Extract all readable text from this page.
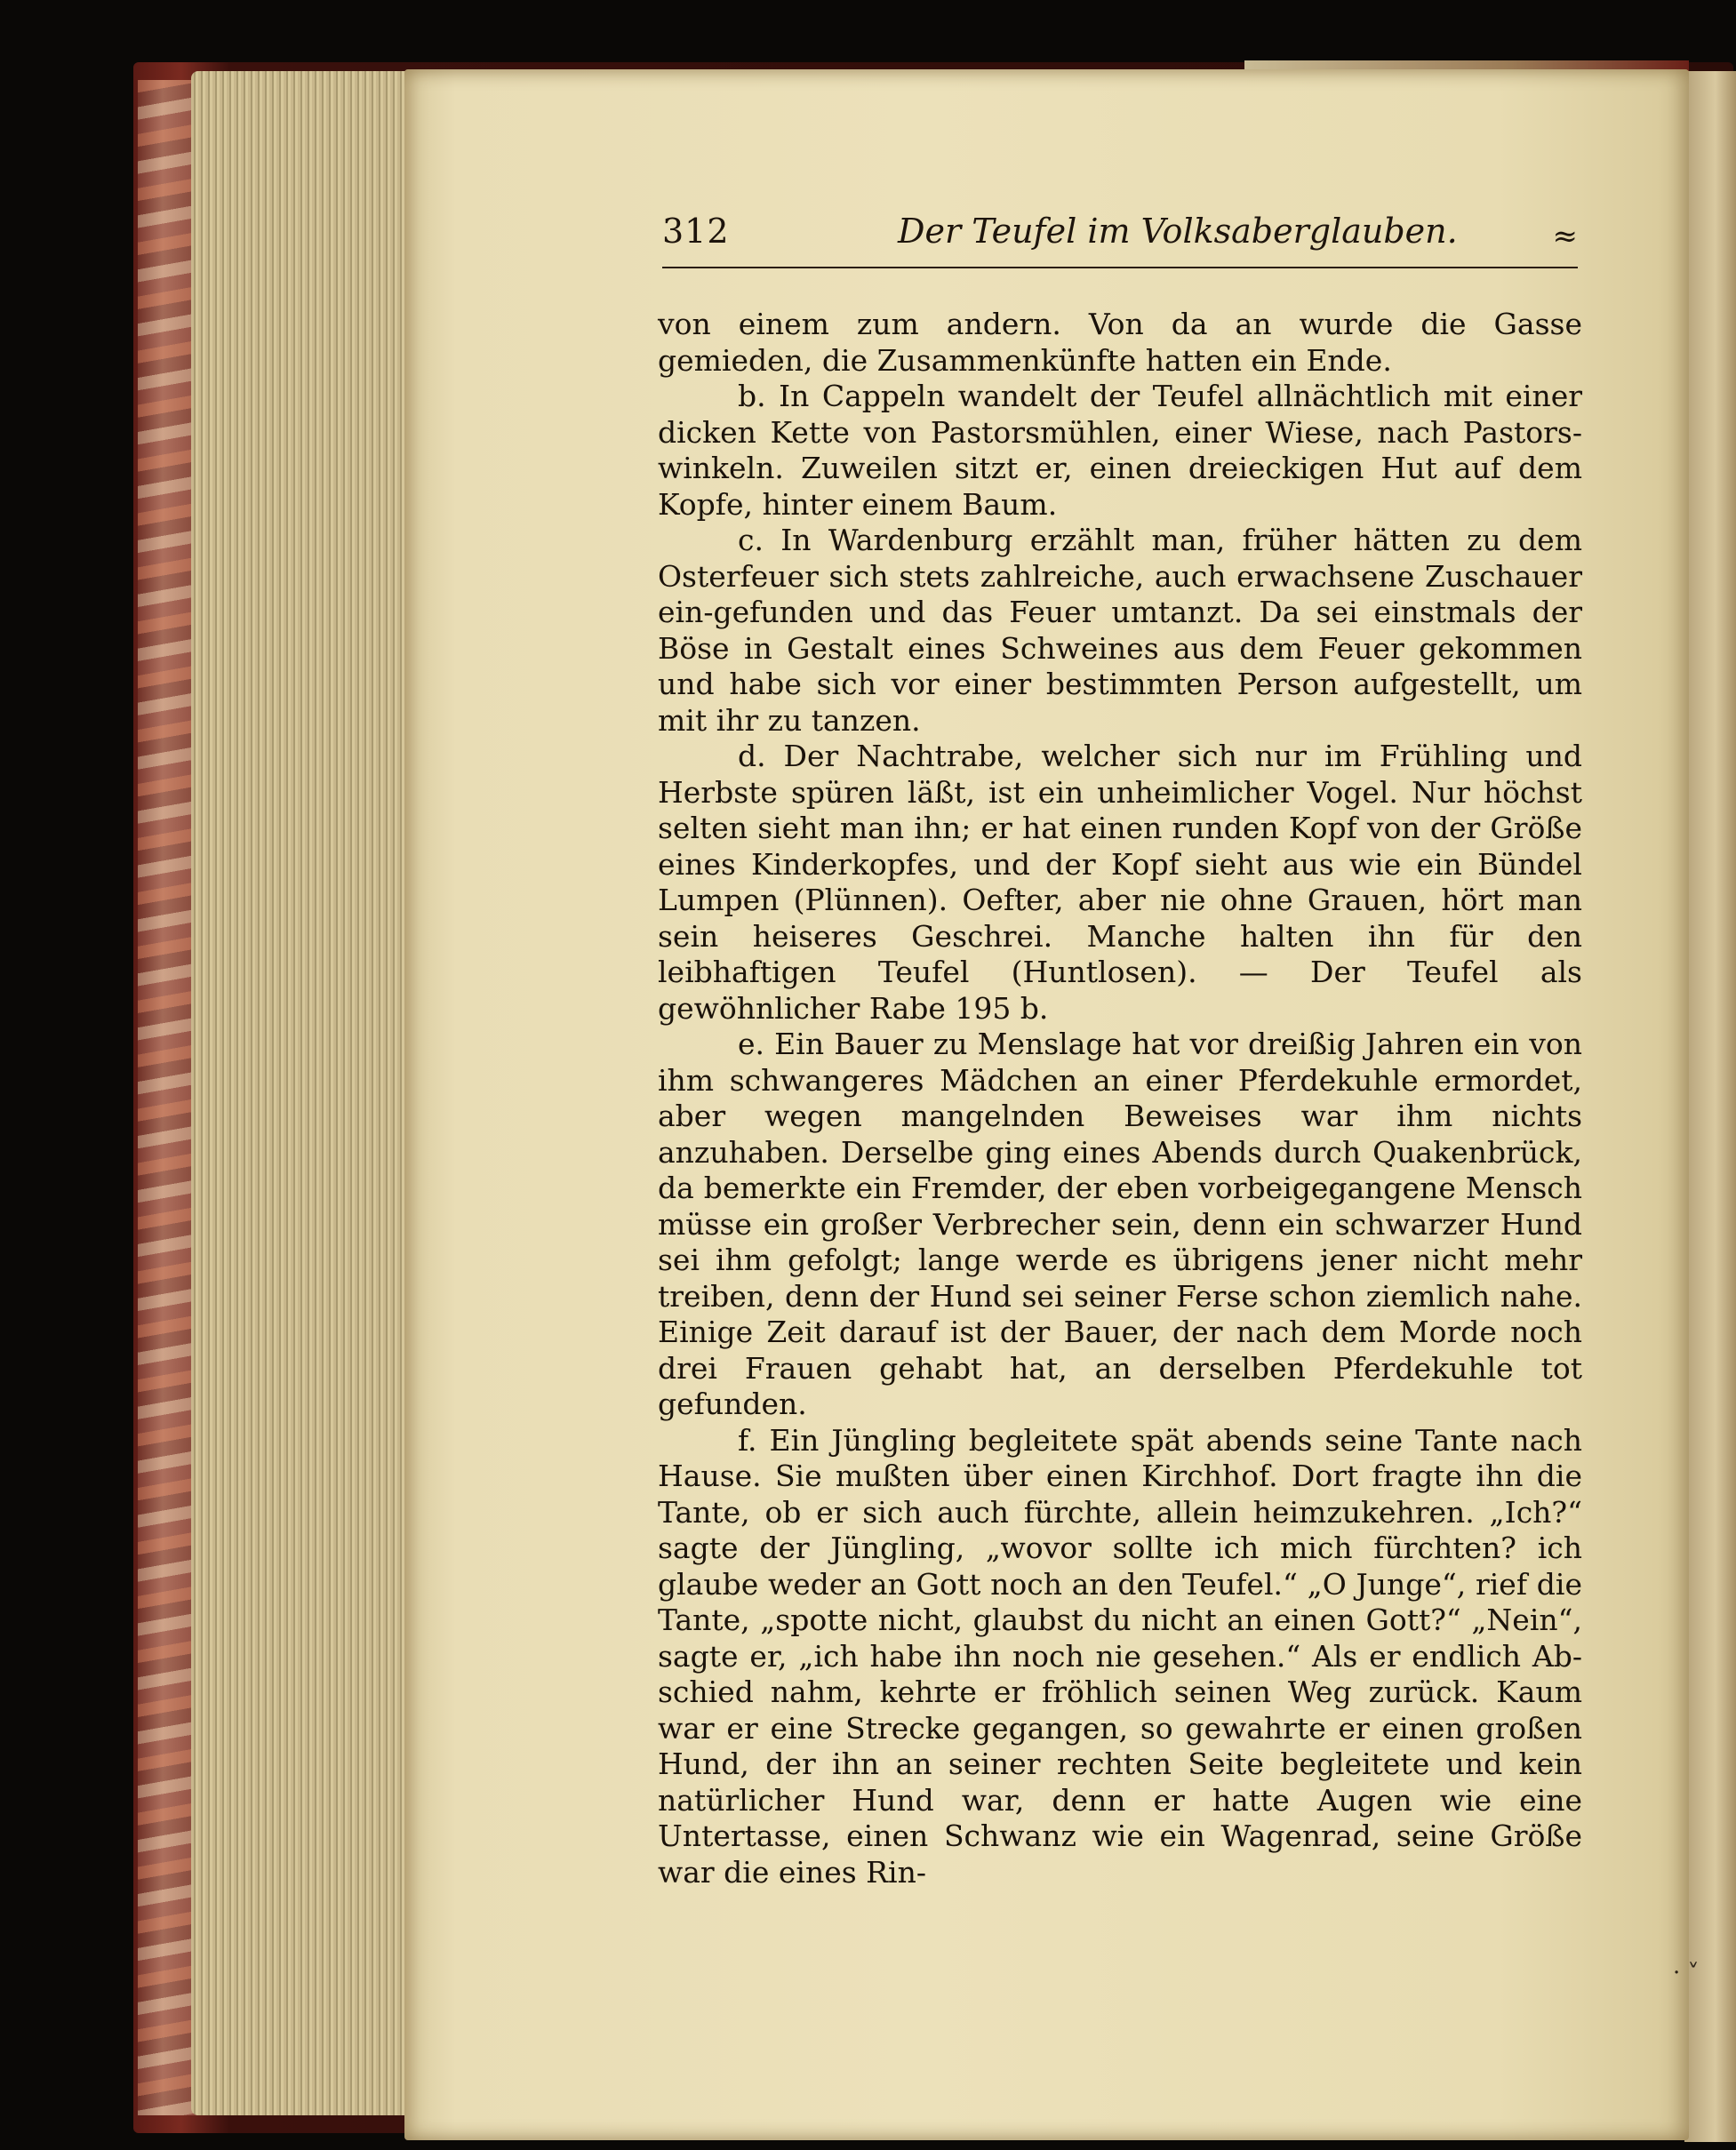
312	Der Teufel im Volksaberglauben.	≈

von einem zum andern. Von da an wurde die Gasse gemieden, die Zusammenkünfte hatten ein Ende.

b. In Cappeln wandelt der Teufel allnächtlich mit einer dicken Kette von Pastorsmühlen, einer Wiese, nach Pastors-winkeln. Zuweilen sitzt er, einen dreieckigen Hut auf dem Kopfe, hinter einem Baum.

c. In Wardenburg erzählt man, früher hätten zu dem Osterfeuer sich stets zahlreiche, auch erwachsene Zuschauer ein-gefunden und das Feuer umtanzt. Da sei einstmals der Böse in Gestalt eines Schweines aus dem Feuer gekommen und habe sich vor einer bestimmten Person aufgestellt, um mit ihr zu tanzen.

d. Der Nachtrabe, welcher sich nur im Frühling und Herbste spüren läßt, ist ein unheimlicher Vogel. Nur höchst selten sieht man ihn; er hat einen runden Kopf von der Größe eines Kinderkopfes, und der Kopf sieht aus wie ein Bündel Lumpen (Plünnen). Oefter, aber nie ohne Grauen, hört man sein heiseres Geschrei. Manche halten ihn für den leibhaftigen Teufel (Huntlosen). — Der Teufel als gewöhnlicher Rabe 195 b.

e. Ein Bauer zu Menslage hat vor dreißig Jahren ein von ihm schwangeres Mädchen an einer Pferdekuhle ermordet, aber wegen mangelnden Beweises war ihm nichts anzuhaben. Derselbe ging eines Abends durch Quakenbrück, da bemerkte ein Fremder, der eben vorbeigegangene Mensch müsse ein großer Verbrecher sein, denn ein schwarzer Hund sei ihm gefolgt; lange werde es übrigens jener nicht mehr treiben, denn der Hund sei seiner Ferse schon ziemlich nahe. Einige Zeit darauf ist der Bauer, der nach dem Morde noch drei Frauen gehabt hat, an derselben Pferdekuhle tot gefunden.

f. Ein Jüngling begleitete spät abends seine Tante nach Hause. Sie mußten über einen Kirchhof. Dort fragte ihn die Tante, ob er sich auch fürchte, allein heimzukehren. „Ich?“ sagte der Jüngling, „wovor sollte ich mich fürchten? ich glaube weder an Gott noch an den Teufel.“ „O Junge“, rief die Tante, „spotte nicht, glaubst du nicht an einen Gott?“ „Nein“, sagte er, „ich habe ihn noch nie gesehen.“ Als er endlich Ab-schied nahm, kehrte er fröhlich seinen Weg zurück. Kaum war er eine Strecke gegangen, so gewahrte er einen großen Hund, der ihn an seiner rechten Seite begleitete und kein natürlicher Hund war, denn er hatte Augen wie eine Untertasse, einen Schwanz wie ein Wagenrad, seine Größe war die eines Rin-

· ˅
